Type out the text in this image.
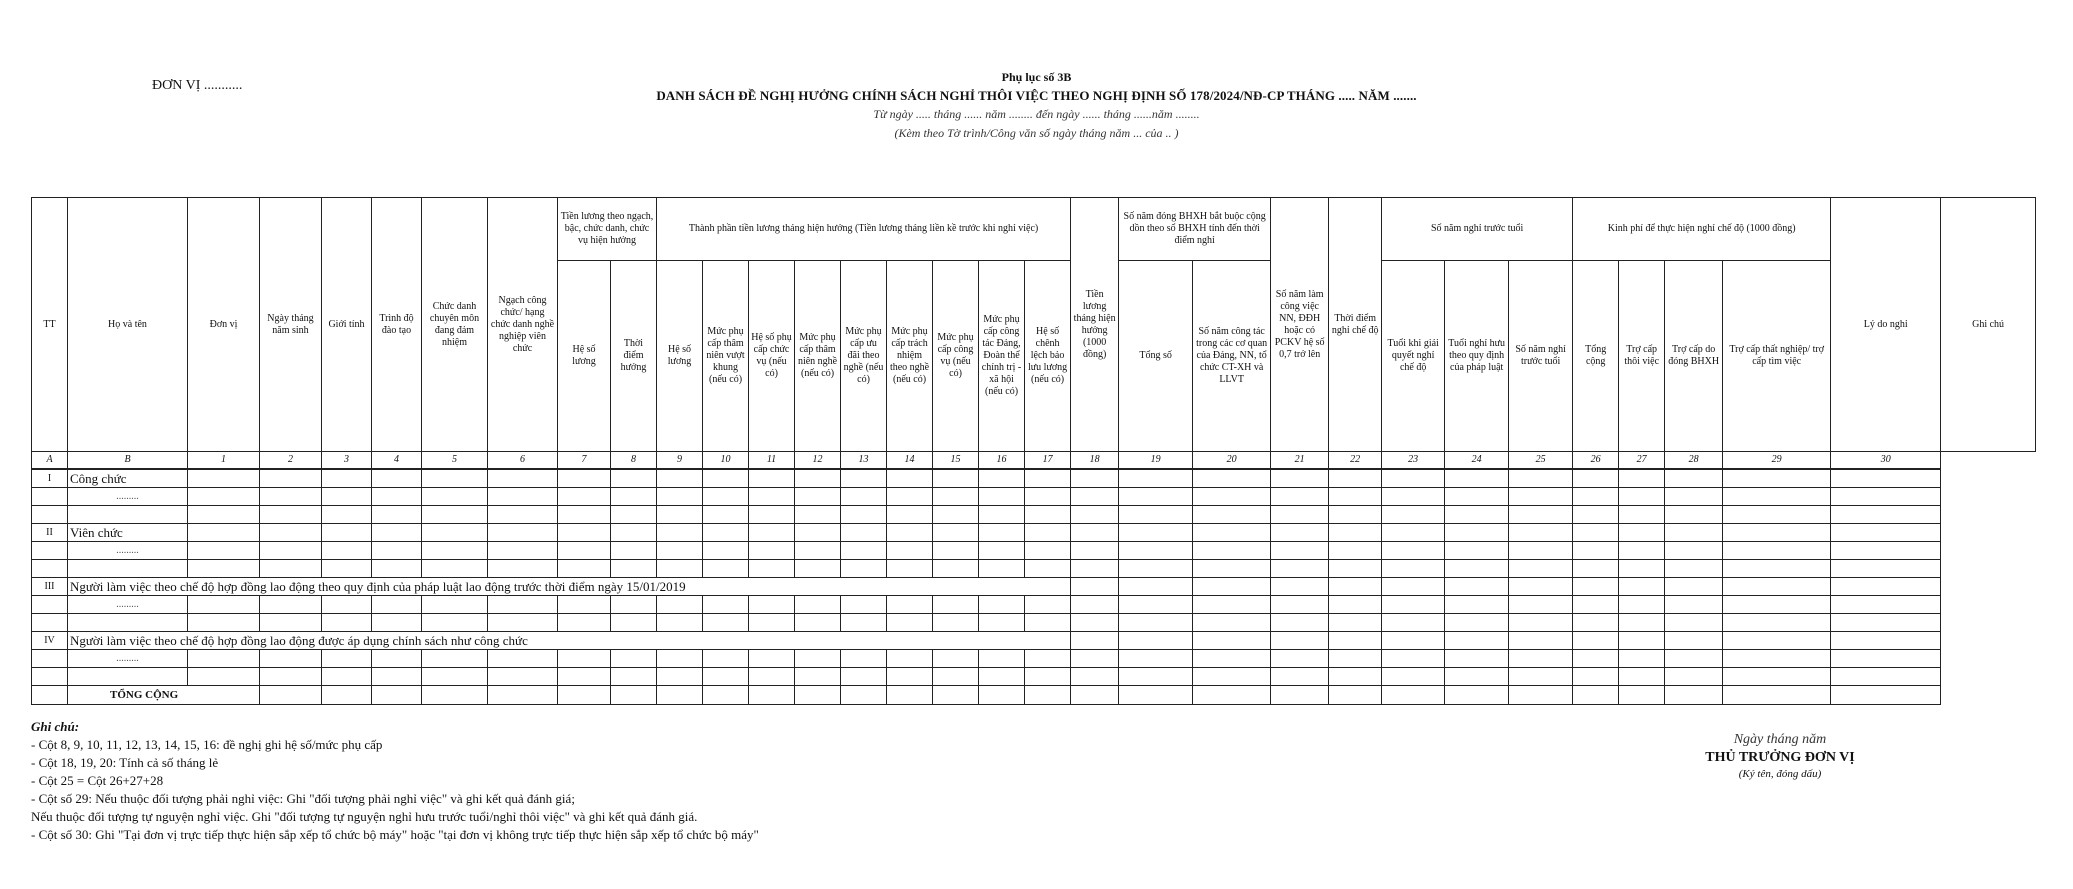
ĐƠN VỊ ...........
Phụ lục số 3B
DANH SÁCH ĐỀ NGHỊ HƯỞNG CHÍNH SÁCH NGHỈ THÔI VIỆC THEO NGHỊ ĐỊNH SỐ 178/2024/NĐ-CP THÁNG ..... NĂM .......
Từ ngày ..... tháng ...... năm ........ đến ngày ...... tháng ......năm ........
(Kèm theo Tờ trình/Công văn số ngày tháng năm ... của .. )
TT	Họ và tên	Đơn vị	Ngày tháng năm sinh	Giới tính	Trình độ đào tạo	Chức danh chuyên môn đang đảm nhiệm	Ngạch công chức/ hạng chức danh nghề nghiệp viên chức	Tiền lương theo ngạch, bậc, chức danh, chức vụ hiện hưởng		Thành phần tiền lương tháng hiện hưởng (Tiền lương tháng liền kề trước khi nghỉ việc)									Tiền lương tháng hiện hưởng (1000 đồng)	Số năm đóng BHXH bắt buộc cộng dồn theo sổ BHXH tính đến thời điểm nghỉ		Số năm làm công việc NN, ĐĐH hoặc có PCKV hệ số 0,7 trở lên	Thời điểm nghỉ chế độ	Số năm nghỉ trước tuổi			Kinh phí để thực hiện nghỉ chế độ (1000 đồng)				Lý do nghỉ	Ghi chú
								Hệ số lương	Thời điểm hưởng	Hệ số lương	Mức phụ cấp thâm niên vượt khung (nếu có)	Hệ số phụ cấp chức vụ (nếu có)	Mức phụ cấp thâm niên nghề (nếu có)	Mức phụ cấp ưu đãi theo nghề (nếu có)	Mức phụ cấp trách nhiệm theo nghề (nếu có)	Mức phụ cấp công vụ (nếu có)	Mức phụ cấp công tác Đảng, Đoàn thể chính trị - xã hội (nếu có)	Hệ số chênh lệch bảo lưu lương (nếu có)		Tổng số	Số năm công tác trong các cơ quan của Đảng, NN, tổ chức CT-XH và LLVT			Tuổi khi giải quyết nghỉ chế độ	Tuổi nghỉ hưu theo quy định của pháp luật	Số năm nghỉ trước tuổi	Tổng cộng	Trợ cấp thôi việc	Trợ cấp do đóng BHXH	Trợ cấp thất nghiệp/ trợ cấp tìm việc		
A	B	1	2	3	4	5	6	7	8	9	10	11	12	13	14	15	16	17	18	19	20	21	22	23	24	25	26	27	28	29	30	
I	Công chức																															
	.........																															

II	Viên chức																															
	.........																															

III	Người làm việc theo chế độ hợp đồng lao động theo quy định của pháp luật lao động trước thời điểm ngày 15/01/2019																															
	.........																															

IV	Người làm việc theo chế độ hợp đồng lao động được áp dụng chính sách như công chức																															
	.........																															

	TỔNG CỘNG																															
Ghi chú:
- Cột 8, 9, 10, 11, 12, 13, 14, 15, 16: đề nghị ghi hệ số/mức phụ cấp
- Cột 18, 19, 20: Tính cả số tháng lẻ
- Cột 25 = Cột 26+27+28
- Cột số 29: Nếu thuộc đối tượng phải nghỉ việc: Ghi "đối tượng phải nghỉ việc" và ghi kết quả đánh giá;
Nếu thuộc đối tượng tự nguyện nghỉ việc. Ghi "đối tượng tự nguyện nghỉ hưu trước tuổi/nghỉ thôi việc" và ghi kết quả đánh giá.
- Cột số 30: Ghi "Tại đơn vị trực tiếp thực hiện sắp xếp tổ chức bộ máy" hoặc "tại đơn vị không trực tiếp thực hiện sắp xếp tổ chức bộ máy"
Ngày tháng năm
THỦ TRƯỞNG ĐƠN VỊ
(Ký tên, đóng dấu)
